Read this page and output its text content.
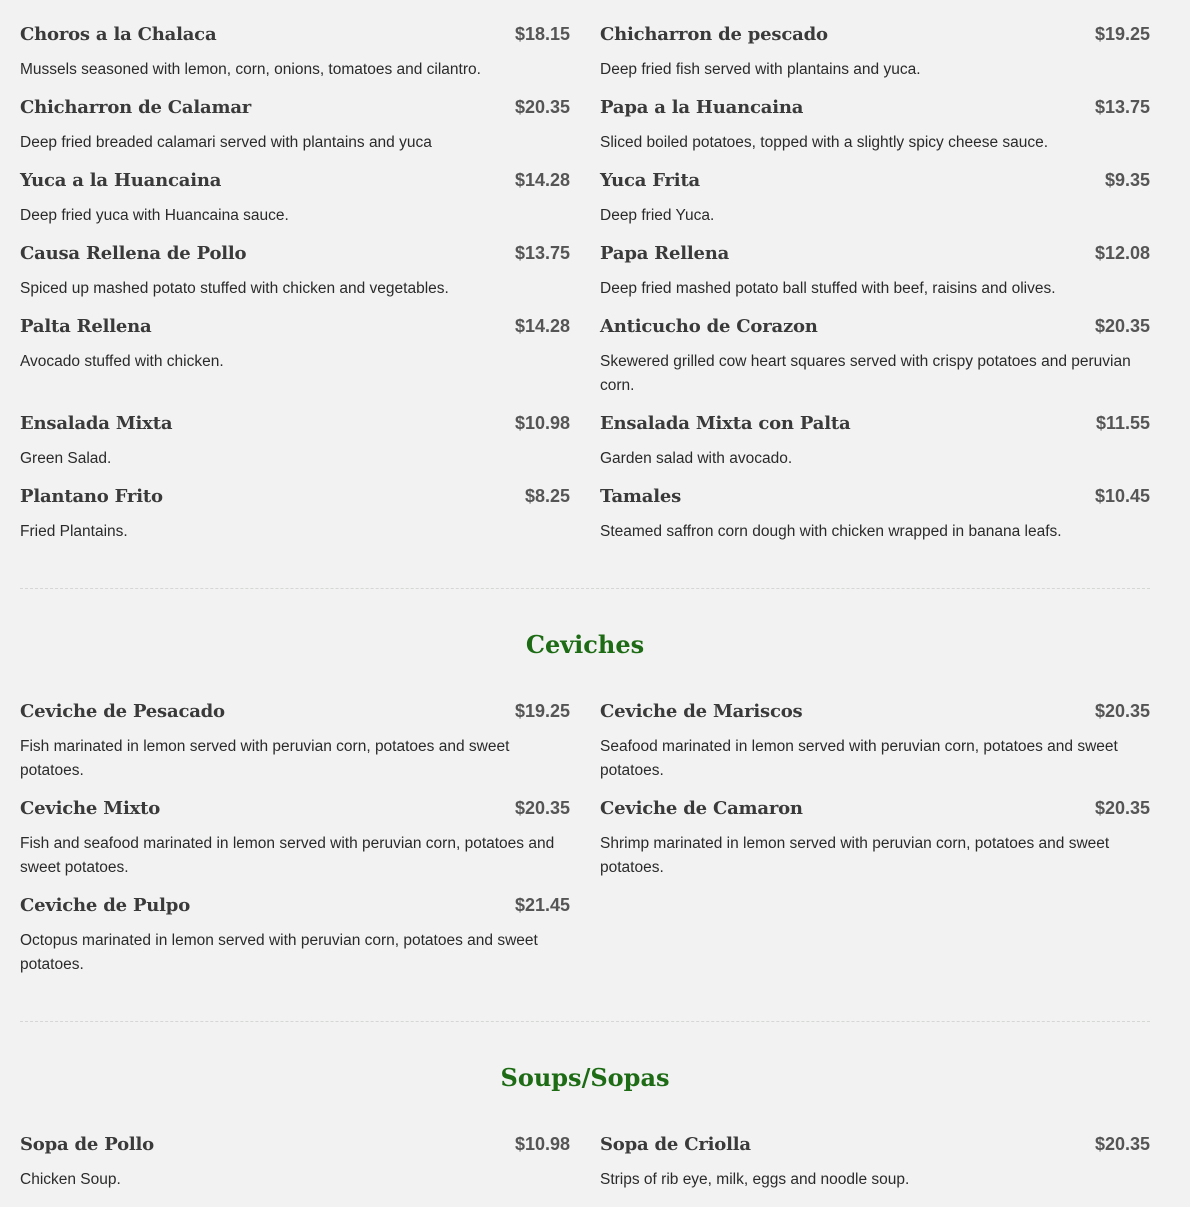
Choros a la Chalaca	$18.15
Mussels seasoned with lemon, corn, onions, tomatoes and cilantro.
Chicharron de pescado	$19.25
Deep fried fish served with plantains and yuca.
Chicharron de Calamar	$20.35
Deep fried breaded calamari served with plantains and yuca
Papa a la Huancaina	$13.75
Sliced boiled potatoes, topped with a slightly spicy cheese sauce.
Yuca a la Huancaina	$14.28
Deep fried yuca with Huancaina sauce.
Yuca Frita	$9.35
Deep fried Yuca.
Causa Rellena de Pollo	$13.75
Spiced up mashed potato stuffed with chicken and vegetables.
Papa Rellena	$12.08
Deep fried mashed potato ball stuffed with beef, raisins and olives.
Palta Rellena	$14.28
Avocado stuffed with chicken.
Anticucho de Corazon	$20.35
Skewered grilled cow heart squares served with crispy potatoes and peruvian corn.
Ensalada Mixta	$10.98
Green Salad.
Ensalada Mixta con Palta	$11.55
Garden salad with avocado.
Plantano Frito	$8.25
Fried Plantains.
Tamales	$10.45
Steamed saffron corn dough with chicken wrapped in banana leafs.
Ceviches
Ceviche de Pesacado	$19.25
Fish marinated in lemon served with peruvian corn, potatoes and sweet potatoes.
Ceviche de Mariscos	$20.35
Seafood marinated in lemon served with peruvian corn, potatoes and sweet potatoes.
Ceviche Mixto	$20.35
Fish and seafood marinated in lemon served with peruvian corn, potatoes and sweet potatoes.
Ceviche de Camaron	$20.35
Shrimp marinated in lemon served with peruvian corn, potatoes and sweet potatoes.
Ceviche de Pulpo	$21.45
Octopus marinated in lemon served with peruvian corn, potatoes and sweet potatoes.
Soups/Sopas
Sopa de Pollo	$10.98
Chicken Soup.
Sopa de Criolla	$20.35
Strips of rib eye, milk, eggs and noodle soup.
